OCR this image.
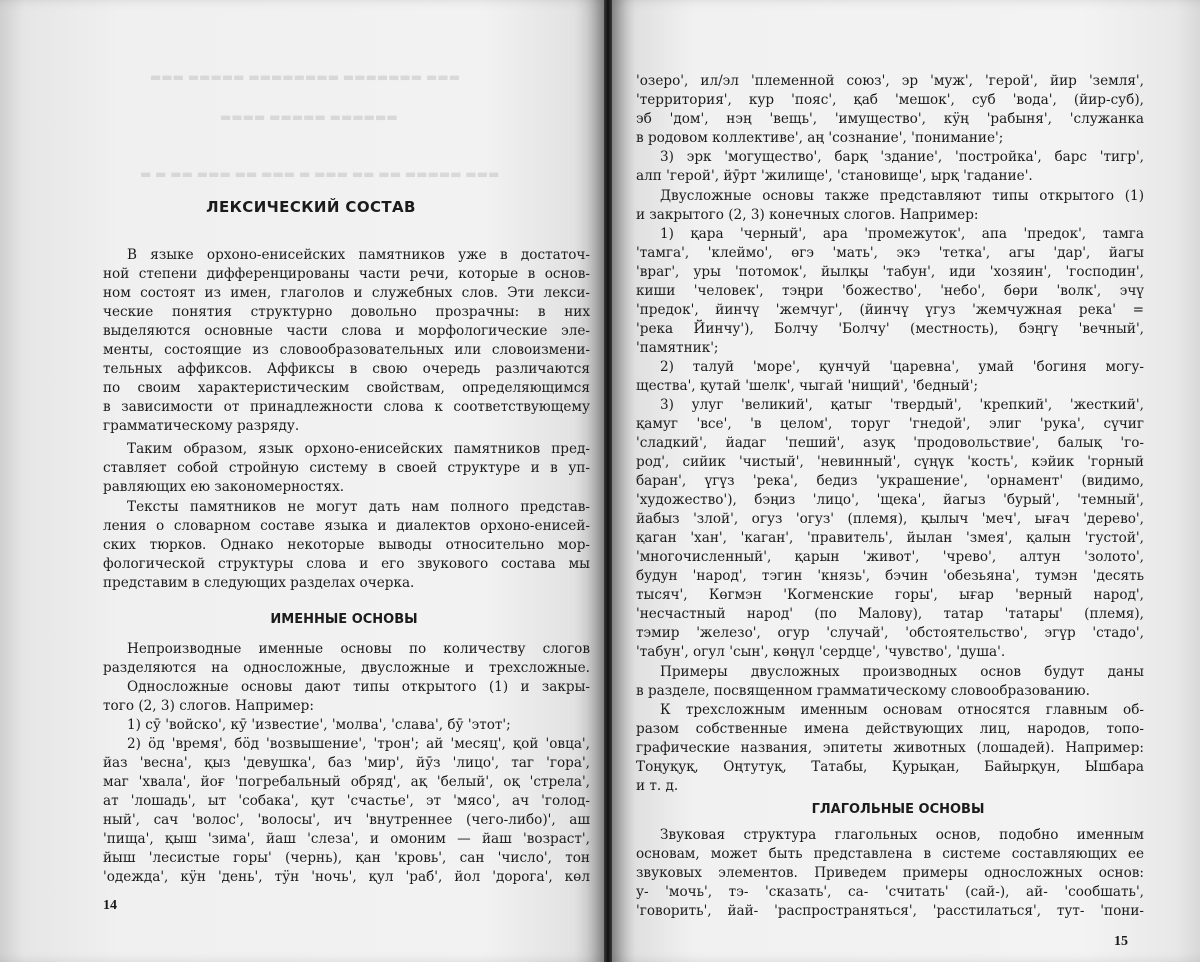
▬▬▬ ▬▬▬▬▬ ▬▬▬▬▬▬▬▬ ▬▬▬▬▬▬▬ ▬▬▬
▬▬▬▬ ▬▬▬▬▬ ▬▬▬▬▬▬
▬ ▬ ▬▬ ▬▬▬ ▬▬ ▬▬▬ ▬ ▬▬▬ ▬▬ ▬▬ ▬▬▬▬▬ ▬▬▬
ЛЕКСИЧЕСКИЙ СОСТАВ
В языке орхоно-енисейских памятников уже в достаточ-
ной степени дифференцированы части речи, которые в основ-
ном состоят из имен, глаголов и служебных слов. Эти лекси-
ческие понятия структурно довольно прозрачны: в них
выделяются основные части слова и морфологические эле-
менты, состоящие из словообразовательных или словоизмени-
тельных аффиксов. Аффиксы в свою очередь различаются
по своим характеристическим свойствам, определяющимся
в зависимости от принадлежности слова к соответствующему
грамматическому разряду.
Таким образом, язык орхоно-енисейских памятников пред-
ставляет собой стройную систему в своей структуре и в уп-
равляющих ею закономерностях.
Тексты памятников не могут дать нам полного представ-
ления о словарном составе языка и диалектов орхоно-енисей-
ских тюрков. Однако некоторые выводы относительно мор-
фологической структуры слова и его звукового состава мы
представим в следующих разделах очерка.
ИМЕННЫЕ ОСНОВЫ
Непроизводные именные основы по количеству слогов
разделяются на односложные, двусложные и трехсложные.
Односложные основы дают типы открытого (1) и закры-
того (2, 3) слогов. Например:
1) сӯ 'войско', кӯ 'известие', 'молва', 'слава', бӯ 'этот';
2) ӧд 'время', бӧд 'возвышение', 'трон'; ай 'месяц', қой 'овца',
йаз 'весна', қыз 'девушка', баз 'мир', йӯз 'лицо', таг 'гора',
маг 'хвала', йоғ 'погребальный обряд', ақ 'белый', оқ 'стрела',
ат 'лошадь', ыт 'собака', қут 'счастье', эт 'мясо', ач 'голод-
ный', сач 'волос', 'волосы', ич 'внутреннее (чего-либо)', аш
'пища', қыш 'зима', йаш 'слеза', и омоним — йаш 'возраст',
йыш 'лесистые горы' (чернь), қан 'кровь', сан 'число', тон
'одежда', кӱн 'день', тӱн 'ночь', қул 'раб', йол 'дорога', көл
14
'озеро', ил/эл 'племенной союз', эр 'муж', 'герой', йир 'земля',
'территория', кур 'пояс', қаб 'мешок', суб 'вода', (йир-суб),
эб 'дом', нэң 'вещь', 'имущество', кӱң 'рабыня', 'служанка
в родовом коллективе', аң 'сознание', 'понимание';
3) эрк 'могущество', барқ 'здание', 'постройка', барс 'тигр',
алп 'герой', йӯрт 'жилище', 'становище', ырқ 'гадание'.
Двусложные основы также представляют типы открытого (1)
и закрытого (2, 3) конечных слогов. Например:
1) қара 'черный', ара 'промежуток', апа 'предок', тамга
'тамга', 'клеймо', өгэ 'мать', экэ 'тетка', агы 'дар', йагы
'враг', уры 'потомок', йылқы 'табун', иди 'хозяин', 'господин',
киши 'человек', тэңри 'божество', 'небо', бөри 'волк', эчү
'предок', йинчү 'жемчуг', (йинчү үгуз 'жемчужная река' =
'река Йинчу'), Болчу 'Болчу' (местность), бэңгү 'вечный',
'памятник';
2) талуй 'море', қунчуй 'царевна', умай 'богиня могу-
щества', қутай 'шелк', чыгай 'нищий', 'бедный';
3) улуг 'великий', қатыг 'твердый', 'крепкий', 'жесткий',
қамуг 'все', 'в целом', торуг 'гнедой', элиг 'рука', сүчиг
'сладкий', йадаг 'пеший', азуқ 'продовольствие', балық 'го-
род', сийик 'чистый', 'невинный', сүңүк 'кость', кэйик 'горный
баран', үгүз 'река', бедиз 'украшение', 'орнамент' (видимо,
'художество'), бэңиз 'лицо', 'щека', йагыз 'бурый', 'темный',
йабыз 'злой', огуз 'огуз' (племя), қылыч 'меч', ығач 'дерево',
қаган 'хан', 'каган', 'правитель', йылан 'змея', қалын 'густой',
'многочисленный', қарын 'живот', 'чрево', алтун 'золото',
будун 'народ', тэгин 'князь', бэчин 'обезьяна', тумэн 'десять
тысяч', Көгмэн 'Когменские горы', ығар 'верный народ',
'несчастный народ' (по Малову), татар 'татары' (племя),
тэмир 'железо', огур 'случай', 'обстоятельство', эгүр 'стадо',
'табун', огул 'сын', көңүл 'сердце', 'чувство', 'душа'.
Примеры двусложных производных основ будут даны
в разделе, посвященном грамматическому словообразованию.
К трехсложным именным основам относятся главным об-
разом собственные имена действующих лиц, народов, топо-
графические названия, эпитеты животных (лошадей). Например:
Тоңуқуқ, Оңтутуқ, Татабы, Қурықан, Байырқун, Ышбара
и т. д.
ГЛАГОЛЬНЫЕ ОСНОВЫ
Звуковая структура глагольных основ, подобно именным
основам, может быть представлена в системе составляющих ее
звуковых элементов. Приведем примеры односложных основ:
у- 'мочь', тэ- 'сказать', са- 'считать' (сай-), ай- 'сообшать',
'говорить', йай- 'распространяться', 'расстилаться', тут- 'пони-
15
